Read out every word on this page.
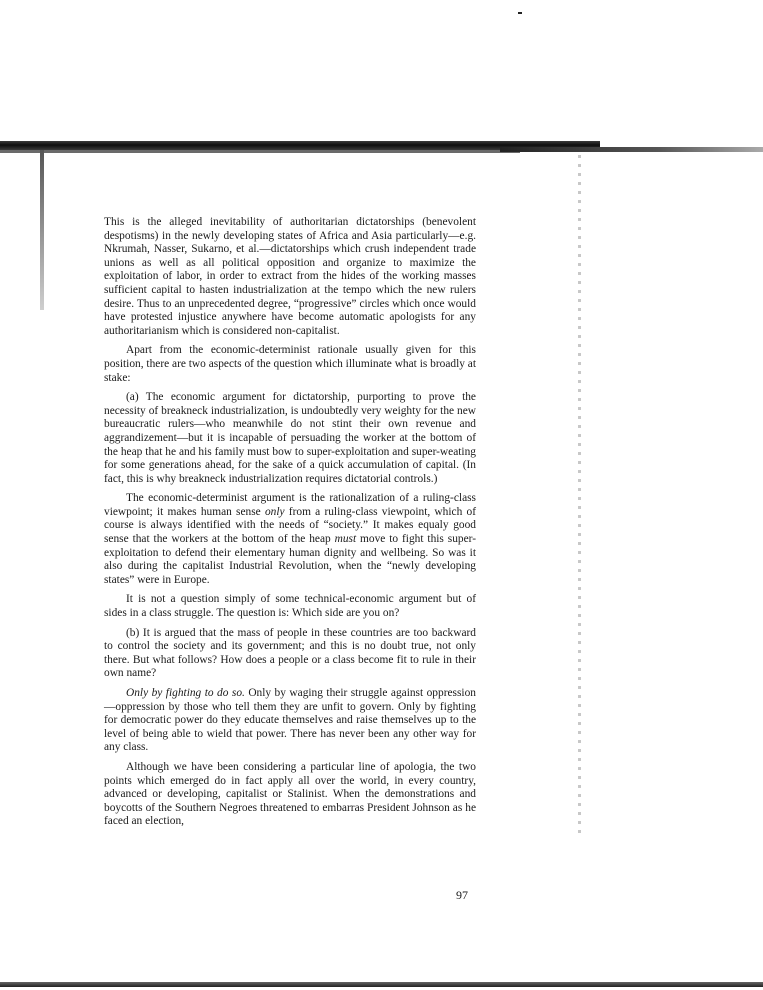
This is the alleged inevitability of authoritarian dictatorships (benevolent despotisms) in the newly developing states of Africa and Asia particularly—e.g. Nkrumah, Nasser, Sukarno, et al.—dictatorships which crush independent trade unions as well as all political opposition and organize to maximize the exploitation of labor, in order to extract from the hides of the working masses sufficient capital to hasten industrialization at the tempo which the new rulers desire. Thus to an unprecedented degree, “progressive” circles which once would have protested injustice anywhere have become automatic apologists for any authoritarianism which is considered non-capitalist.

Apart from the economic-determinist rationale usually given for this position, there are two aspects of the question which illuminate what is broadly at stake:

(a) The economic argument for dictatorship, purporting to prove the necessity of breakneck industrialization, is undoubtedly very weighty for the new bureaucratic rulers—who meanwhile do not stint their own revenue and aggrandizement—but it is incapable of persuading the worker at the bottom of the heap that he and his family must bow to super-exploitation and super-weating for some generations ahead, for the sake of a quick accumulation of capital. (In fact, this is why breakneck industrialization requires dictatorial controls.)

The economic-determinist argument is the rationalization of a ruling-class viewpoint; it makes human sense only from a ruling-class viewpoint, which of course is always identified with the needs of “society.” It makes equaly good sense that the workers at the bottom of the heap must move to fight this super-exploitation to defend their elementary human dignity and wellbeing. So was it also during the capitalist Industrial Revolution, when the “newly developing states” were in Europe.

It is not a question simply of some technical-economic argument but of sides in a class struggle. The question is: Which side are you on?

(b) It is argued that the mass of people in these countries are too backward to control the society and its government; and this is no doubt true, not only there. But what follows? How does a people or a class become fit to rule in their own name?

Only by fighting to do so. Only by waging their struggle against oppression—oppression by those who tell them they are unfit to govern. Only by fighting for democratic power do they educate themselves and raise themselves up to the level of being able to wield that power. There has never been any other way for any class.

Although we have been considering a particular line of apologia, the two points which emerged do in fact apply all over the world, in every country, advanced or developing, capitalist or Stalinist. When the demonstrations and boycotts of the Southern Negroes threatened to embarras President Johnson as he faced an election,

97
